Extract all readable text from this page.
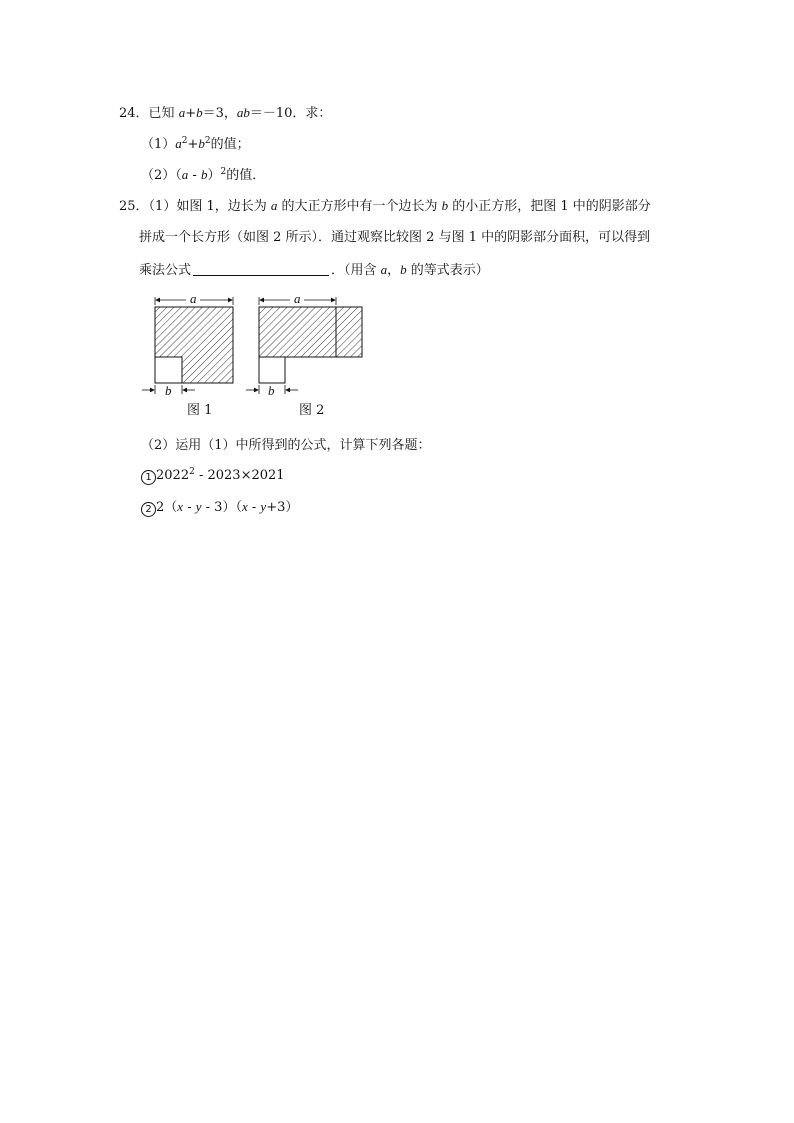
24．已知 a+b＝3，ab＝－10．求：
$(1)a^2+b^2$的值；
（2）（a - b）$^2$的值．
25．（1）如图 1，边长为 a 的大正方形中有一个边长为 b 的小正方形，把图 1 中的阴影部分
拼成一个长方形（如图 2 所示）．通过观察比较图 2 与图 1 中的阴影部分面积，可以得到
乘法公式	．（用含 a，b 的等式表示）
a
b
图 1
a
b
图 2
（2）运用（1）中所得到的公式，计算下列各题：
1 2022$^2$ - 2023×2021
2 2（x - y - 3）（x - y+3）
